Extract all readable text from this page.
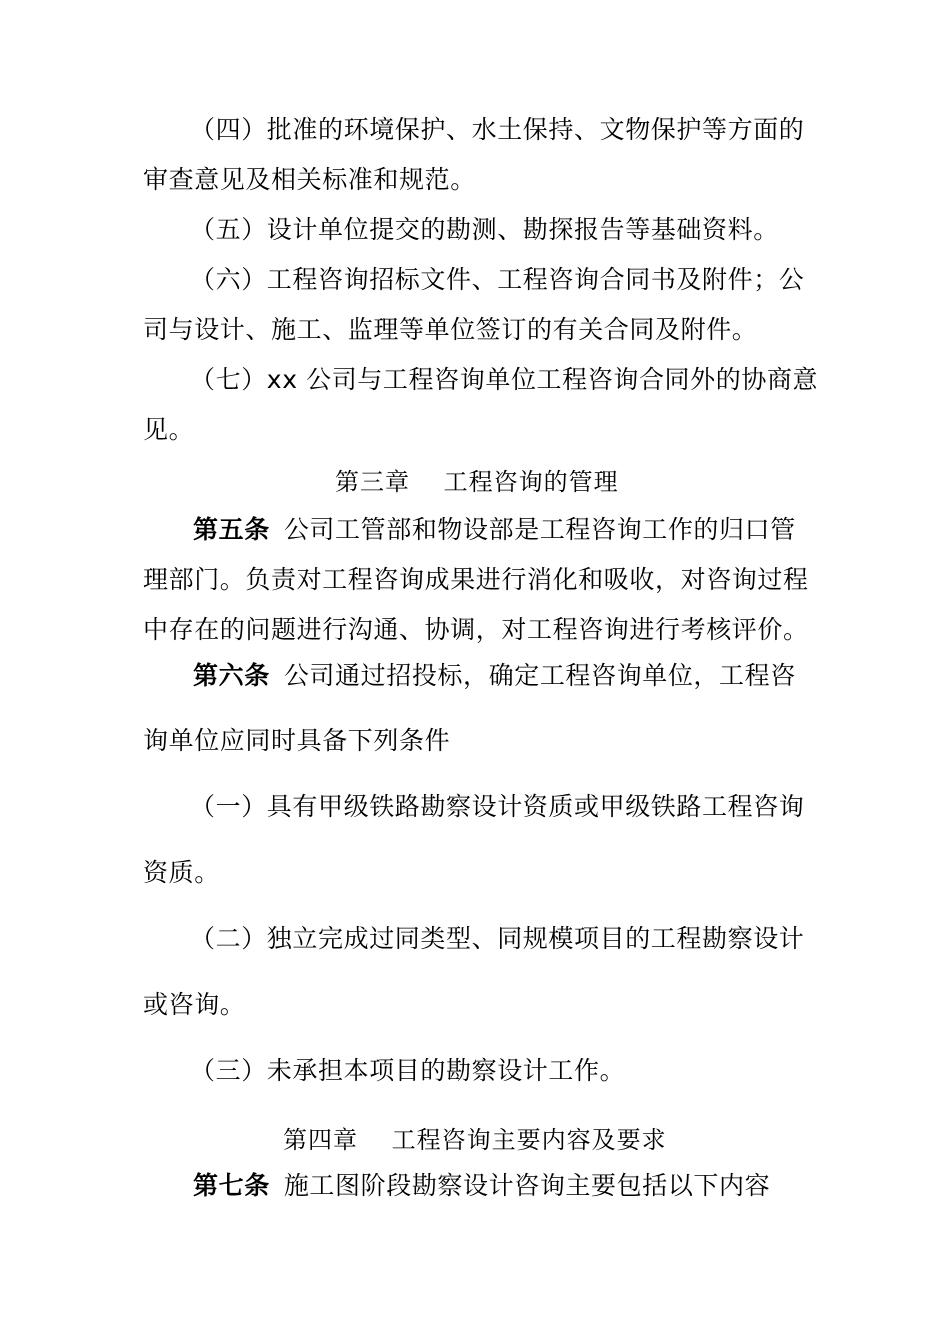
（四）批准的环境保护、水土保持、文物保护等方面的
审查意见及相关标准和规范。
（五）设计单位提交的勘测、勘探报告等基础资料。
（六）工程咨询招标文件、工程咨询合同书及附件；公
司与设计、施工、监理等单位签订的有关合同及附件。
（七）xx 公司与工程咨询单位工程咨询合同外的协商意
见。
第三章　 工程咨询的管理
第五条 公司工管部和物设部是工程咨询工作的归口管
理部门。负责对工程咨询成果进行消化和吸收，对咨询过程
中存在的问题进行沟通、协调，对工程咨询进行考核评价。
第六条 公司通过招投标，确定工程咨询单位，工程咨
询单位应同时具备下列条件
（一）具有甲级铁路勘察设计资质或甲级铁路工程咨询
资质。
（二）独立完成过同类型、同规模项目的工程勘察设计
或咨询。
（三）未承担本项目的勘察设计工作。
第四章　 工程咨询主要内容及要求
第七条 施工图阶段勘察设计咨询主要包括以下内容
